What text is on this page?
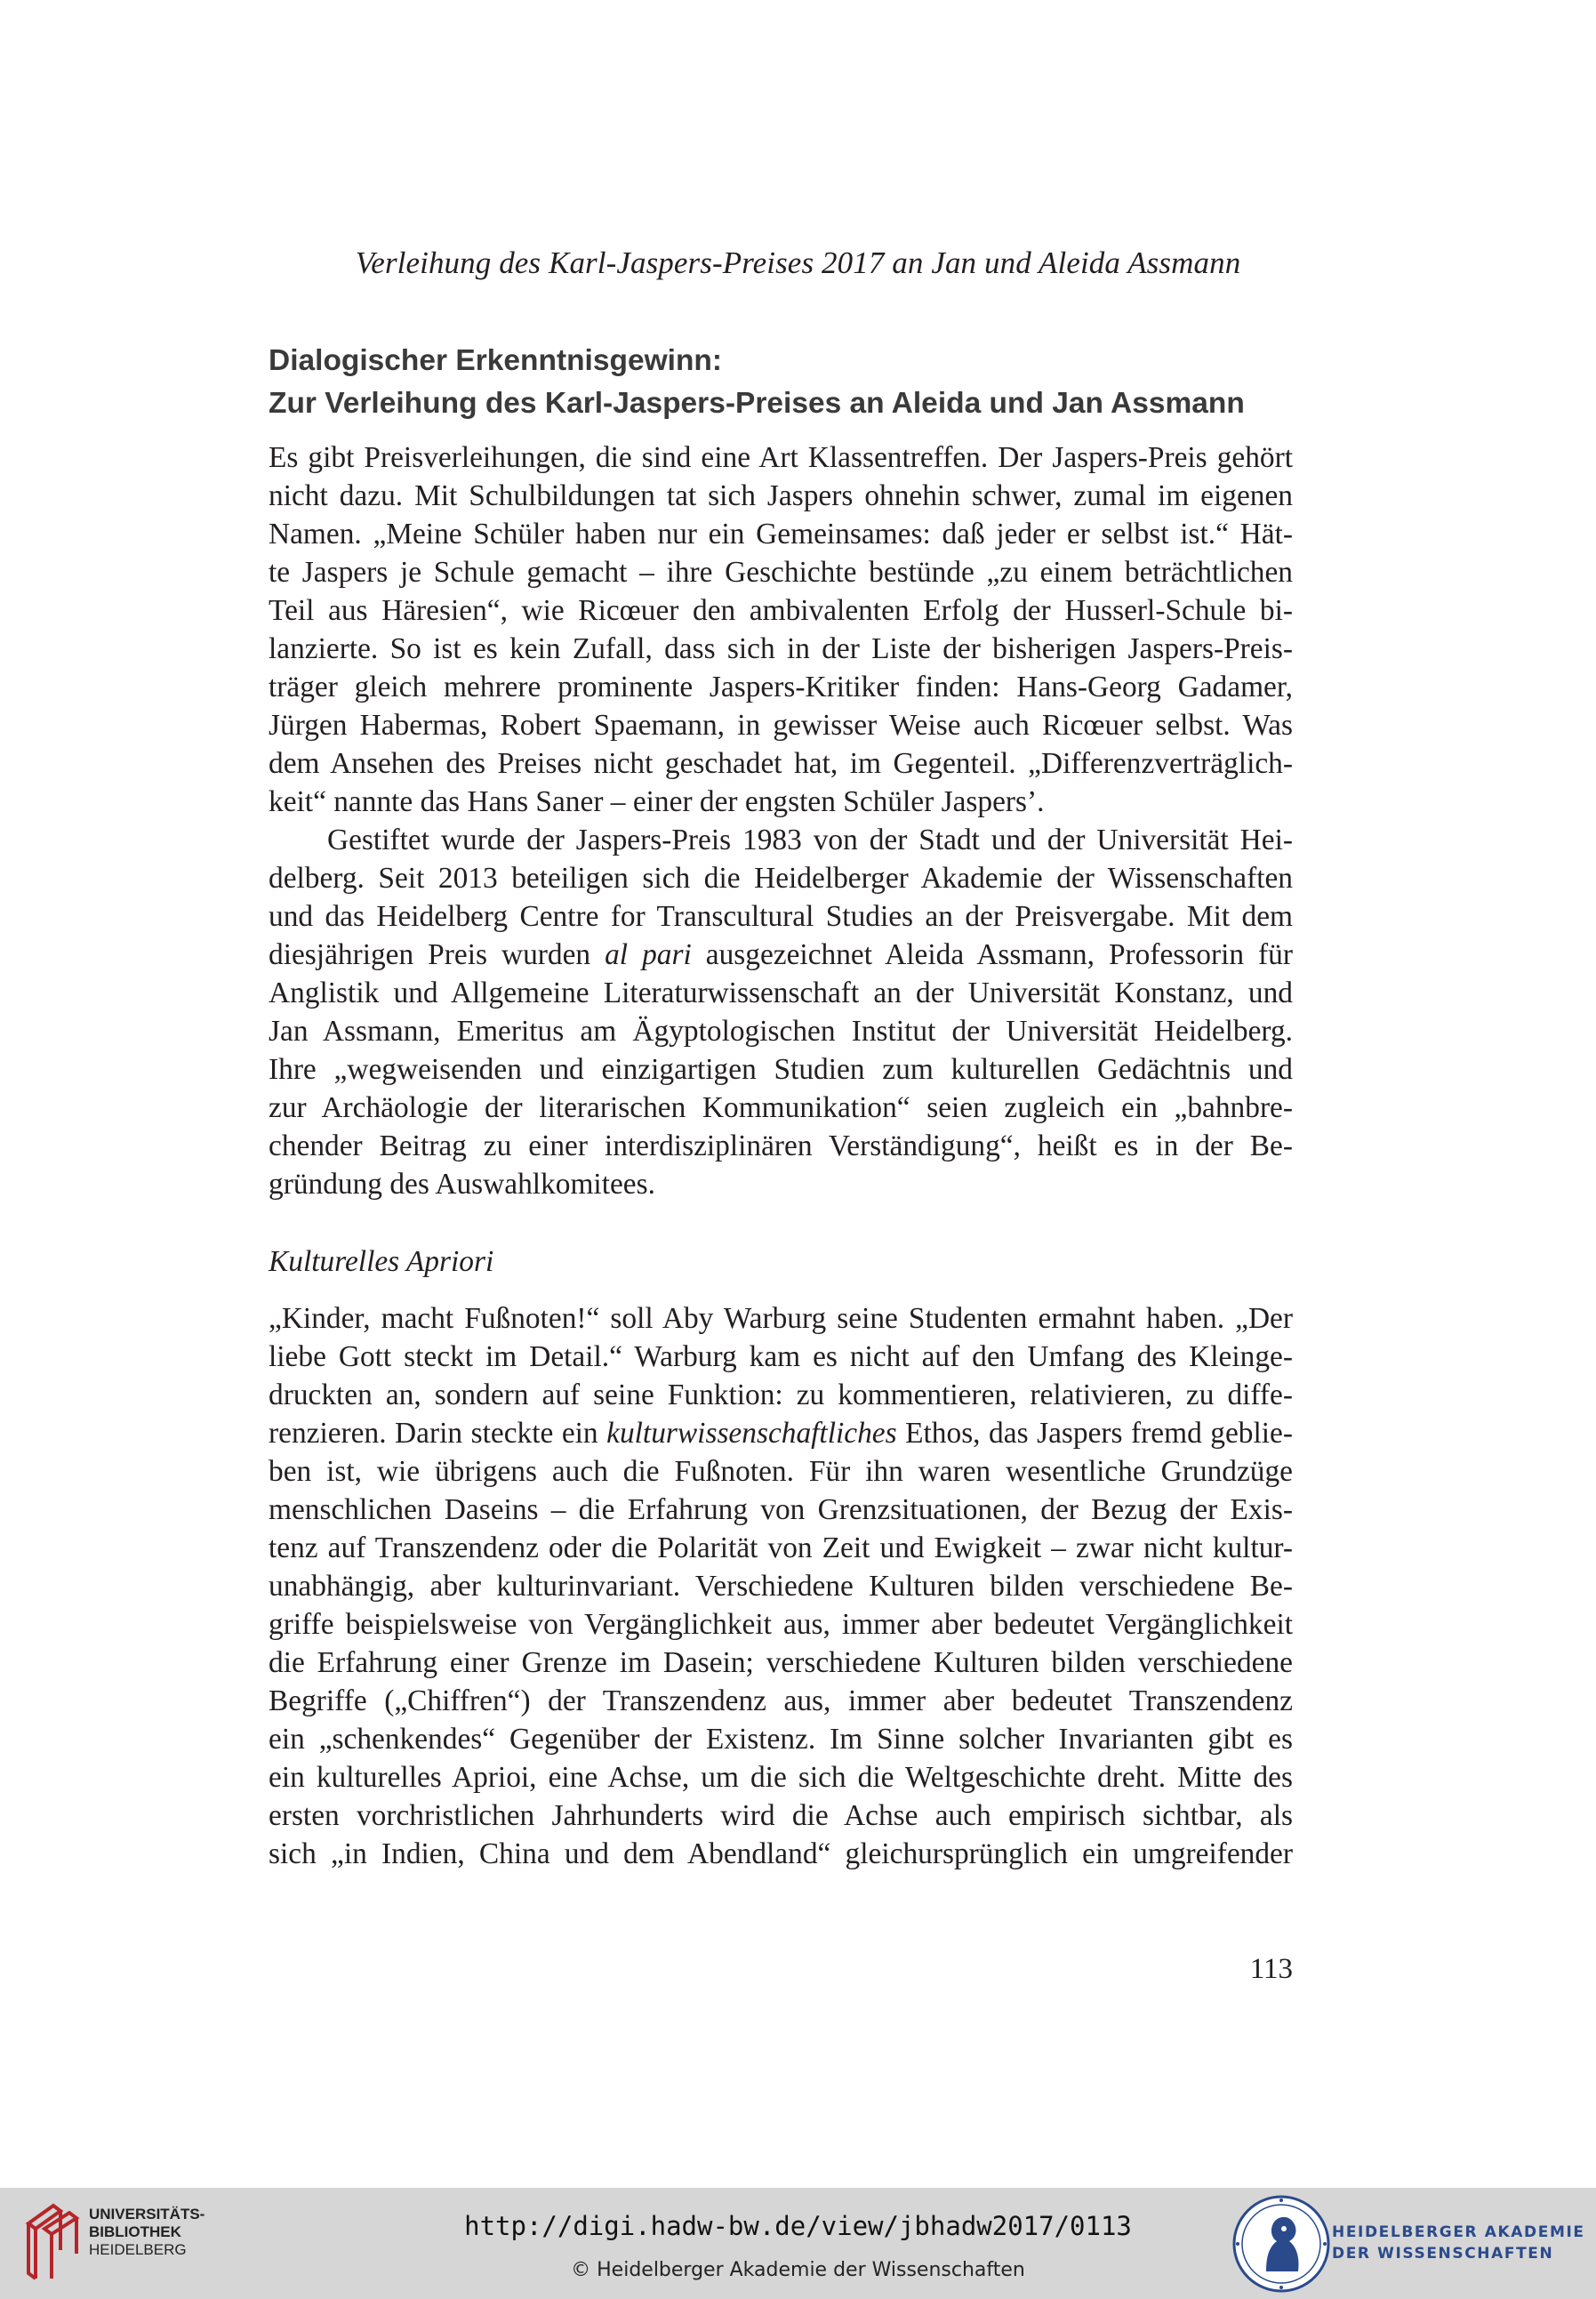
Verleihung des Karl-Jaspers-Preises 2017 an Jan und Aleida Assmann
Dialogischer Erkenntnisgewinn:
Zur Verleihung des Karl-Jaspers-Preises an Aleida und Jan Assmann

Es gibt Preisverleihungen, die sind eine Art Klassentreffen. Der Jaspers-Preis gehört
nicht dazu. Mit Schulbildungen tat sich Jaspers ohnehin schwer, zumal im eigenen
Namen. „Meine Schüler haben nur ein Gemeinsames: daß jeder er selbst ist.“ Hät-
te Jaspers je Schule gemacht – ihre Geschichte bestünde „zu einem beträchtlichen
Teil aus Häresien“, wie Ricœuer den ambivalenten Erfolg der Husserl-Schule bi-
lanzierte. So ist es kein Zufall, dass sich in der Liste der bisherigen Jaspers-Preis-
träger gleich mehrere prominente Jaspers-Kritiker finden: Hans-Georg Gadamer,
Jürgen Habermas, Robert Spaemann, in gewisser Weise auch Ricœuer selbst. Was
dem Ansehen des Preises nicht geschadet hat, im Gegenteil. „Differenzverträglich-
keit“ nannte das Hans Saner – einer der engsten Schüler Jaspers’.

Gestiftet wurde der Jaspers-Preis 1983 von der Stadt und der Universität Hei-
delberg. Seit 2013 beteiligen sich die Heidelberger Akademie der Wissenschaften
und das Heidelberg Centre for Transcultural Studies an der Preisvergabe. Mit dem
diesjährigen Preis wurden al pari ausgezeichnet Aleida Assmann, Professorin für
Anglistik und Allgemeine Literaturwissenschaft an der Universität Konstanz, und
Jan Assmann, Emeritus am Ägyptologischen Institut der Universität Heidelberg.
Ihre „wegweisenden und einzigartigen Studien zum kulturellen Gedächtnis und
zur Archäologie der literarischen Kommunikation“ seien zugleich ein „bahnbre-
chender Beitrag zu einer interdisziplinären Verständigung“, heißt es in der Be-
gründung des Auswahlkomitees.

Kulturelles Apriori

„Kinder, macht Fußnoten!“ soll Aby Warburg seine Studenten ermahnt haben. „Der
liebe Gott steckt im Detail.“ Warburg kam es nicht auf den Umfang des Kleinge-
druckten an, sondern auf seine Funktion: zu kommentieren, relativieren, zu diffe-
renzieren. Darin steckte ein kulturwissenschaftliches Ethos, das Jaspers fremd geblie-
ben ist, wie übrigens auch die Fußnoten. Für ihn waren wesentliche Grundzüge
menschlichen Daseins – die Erfahrung von Grenzsituationen, der Bezug der Exis-
tenz auf Transzendenz oder die Polarität von Zeit und Ewigkeit – zwar nicht kultur-
unabhängig, aber kulturinvariant. Verschiedene Kulturen bilden verschiedene Be-
griffe beispielsweise von Vergänglichkeit aus, immer aber bedeutet Vergänglichkeit
die Erfahrung einer Grenze im Dasein; verschiedene Kulturen bilden verschiedene
Begriffe („Chiffren“) der Transzendenz aus, immer aber bedeutet Transzendenz
ein „schenkendes“ Gegenüber der Existenz. Im Sinne solcher Invarianten gibt es
ein kulturelles Aprioi, eine Achse, um die sich die Weltgeschichte dreht. Mitte des
ersten vorchristlichen Jahrhunderts wird die Achse auch empirisch sichtbar, als
sich „in Indien, China und dem Abendland“ gleichursprünglich ein umgreifender

113
UNIVERSITÄTS-
BIBLIOTHEK
HEIDELBERG
http://digi.hadw-bw.de/view/jbhadw2017/0113
© Heidelberger Akademie der Wissenschaften
HEIDELBERGER AKADEMIE
DER WISSENSCHAFTEN
